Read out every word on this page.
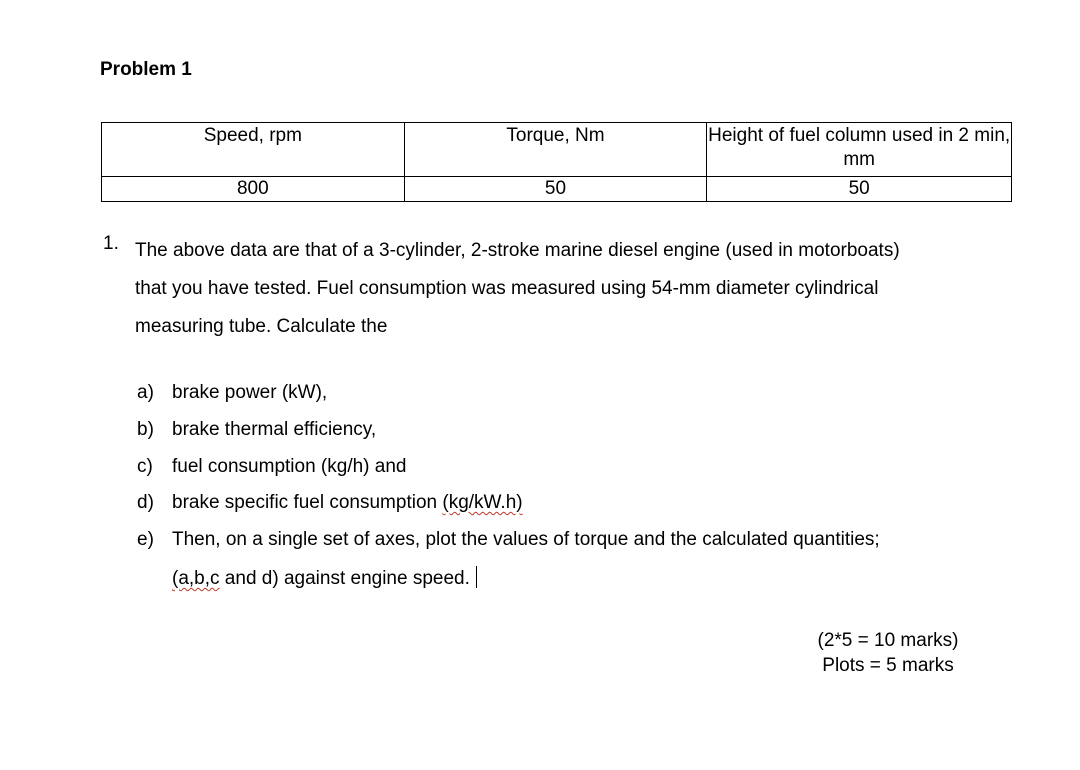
Problem 1
Speed, rpm	Torque, Nm	Height of fuel column used in 2 min, mm
800	50	50
1. The above data are that of a 3-cylinder, 2-stroke marine diesel engine (used in motorboats)
that you have tested. Fuel consumption was measured using 54-mm diameter cylindrical
measuring tube. Calculate the
a) brake power (kW),
b) brake thermal efficiency,
c) fuel consumption (kg/h) and
d) brake specific fuel consumption (kg/kW.h)
e) Then, on a single set of axes, plot the values of torque and the calculated quantities;
(a,b,c and d) against engine speed.
(2*5 = 10 marks)
Plots = 5 marks
